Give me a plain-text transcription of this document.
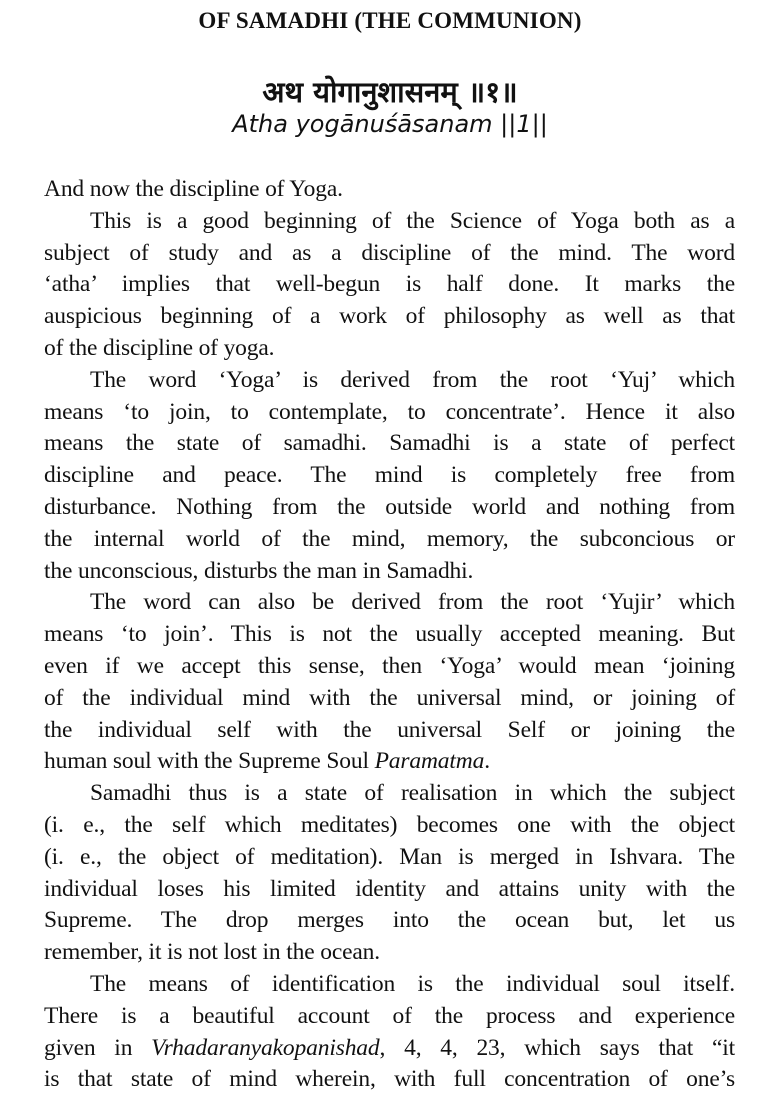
OF SAMADHI (THE COMMUNION)
अथ योगानुशासनम् ॥१॥
Atha yogānuśāsanam ||1||
And now the discipline of Yoga.
This is a good beginning of the Science of Yoga both as a
subject of study and as a discipline of the mind. The word
‘atha’ implies that well-begun is half done. It marks the
auspicious beginning of a work of philosophy as well as that
of the discipline of yoga.
The word ‘Yoga’ is derived from the root ‘Yuj’ which
means ‘to join, to contemplate, to concentrate’. Hence it also
means the state of samadhi. Samadhi is a state of perfect
discipline and peace. The mind is completely free from
disturbance. Nothing from the outside world and nothing from
the internal world of the mind, memory, the subconcious or
the unconscious, disturbs the man in Samadhi.
The word can also be derived from the root ‘Yujir’ which
means ‘to join’. This is not the usually accepted meaning. But
even if we accept this sense, then ‘Yoga’ would mean ‘joining
of the individual mind with the universal mind, or joining of
the individual self with the universal Self or joining the
human soul with the Supreme Soul Paramatma.
Samadhi thus is a state of realisation in which the subject
(i. e., the self which meditates) becomes one with the object
(i. e., the object of meditation). Man is merged in Ishvara. The
individual loses his limited identity and attains unity with the
Supreme. The drop merges into the ocean but, let us
remember, it is not lost in the ocean.
The means of identification is the individual soul itself.
There is a beautiful account of the process and experience
given in Vrhadaranyakopanishad, 4, 4, 23, which says that “it
is that state of mind wherein, with full concentration of one’s
